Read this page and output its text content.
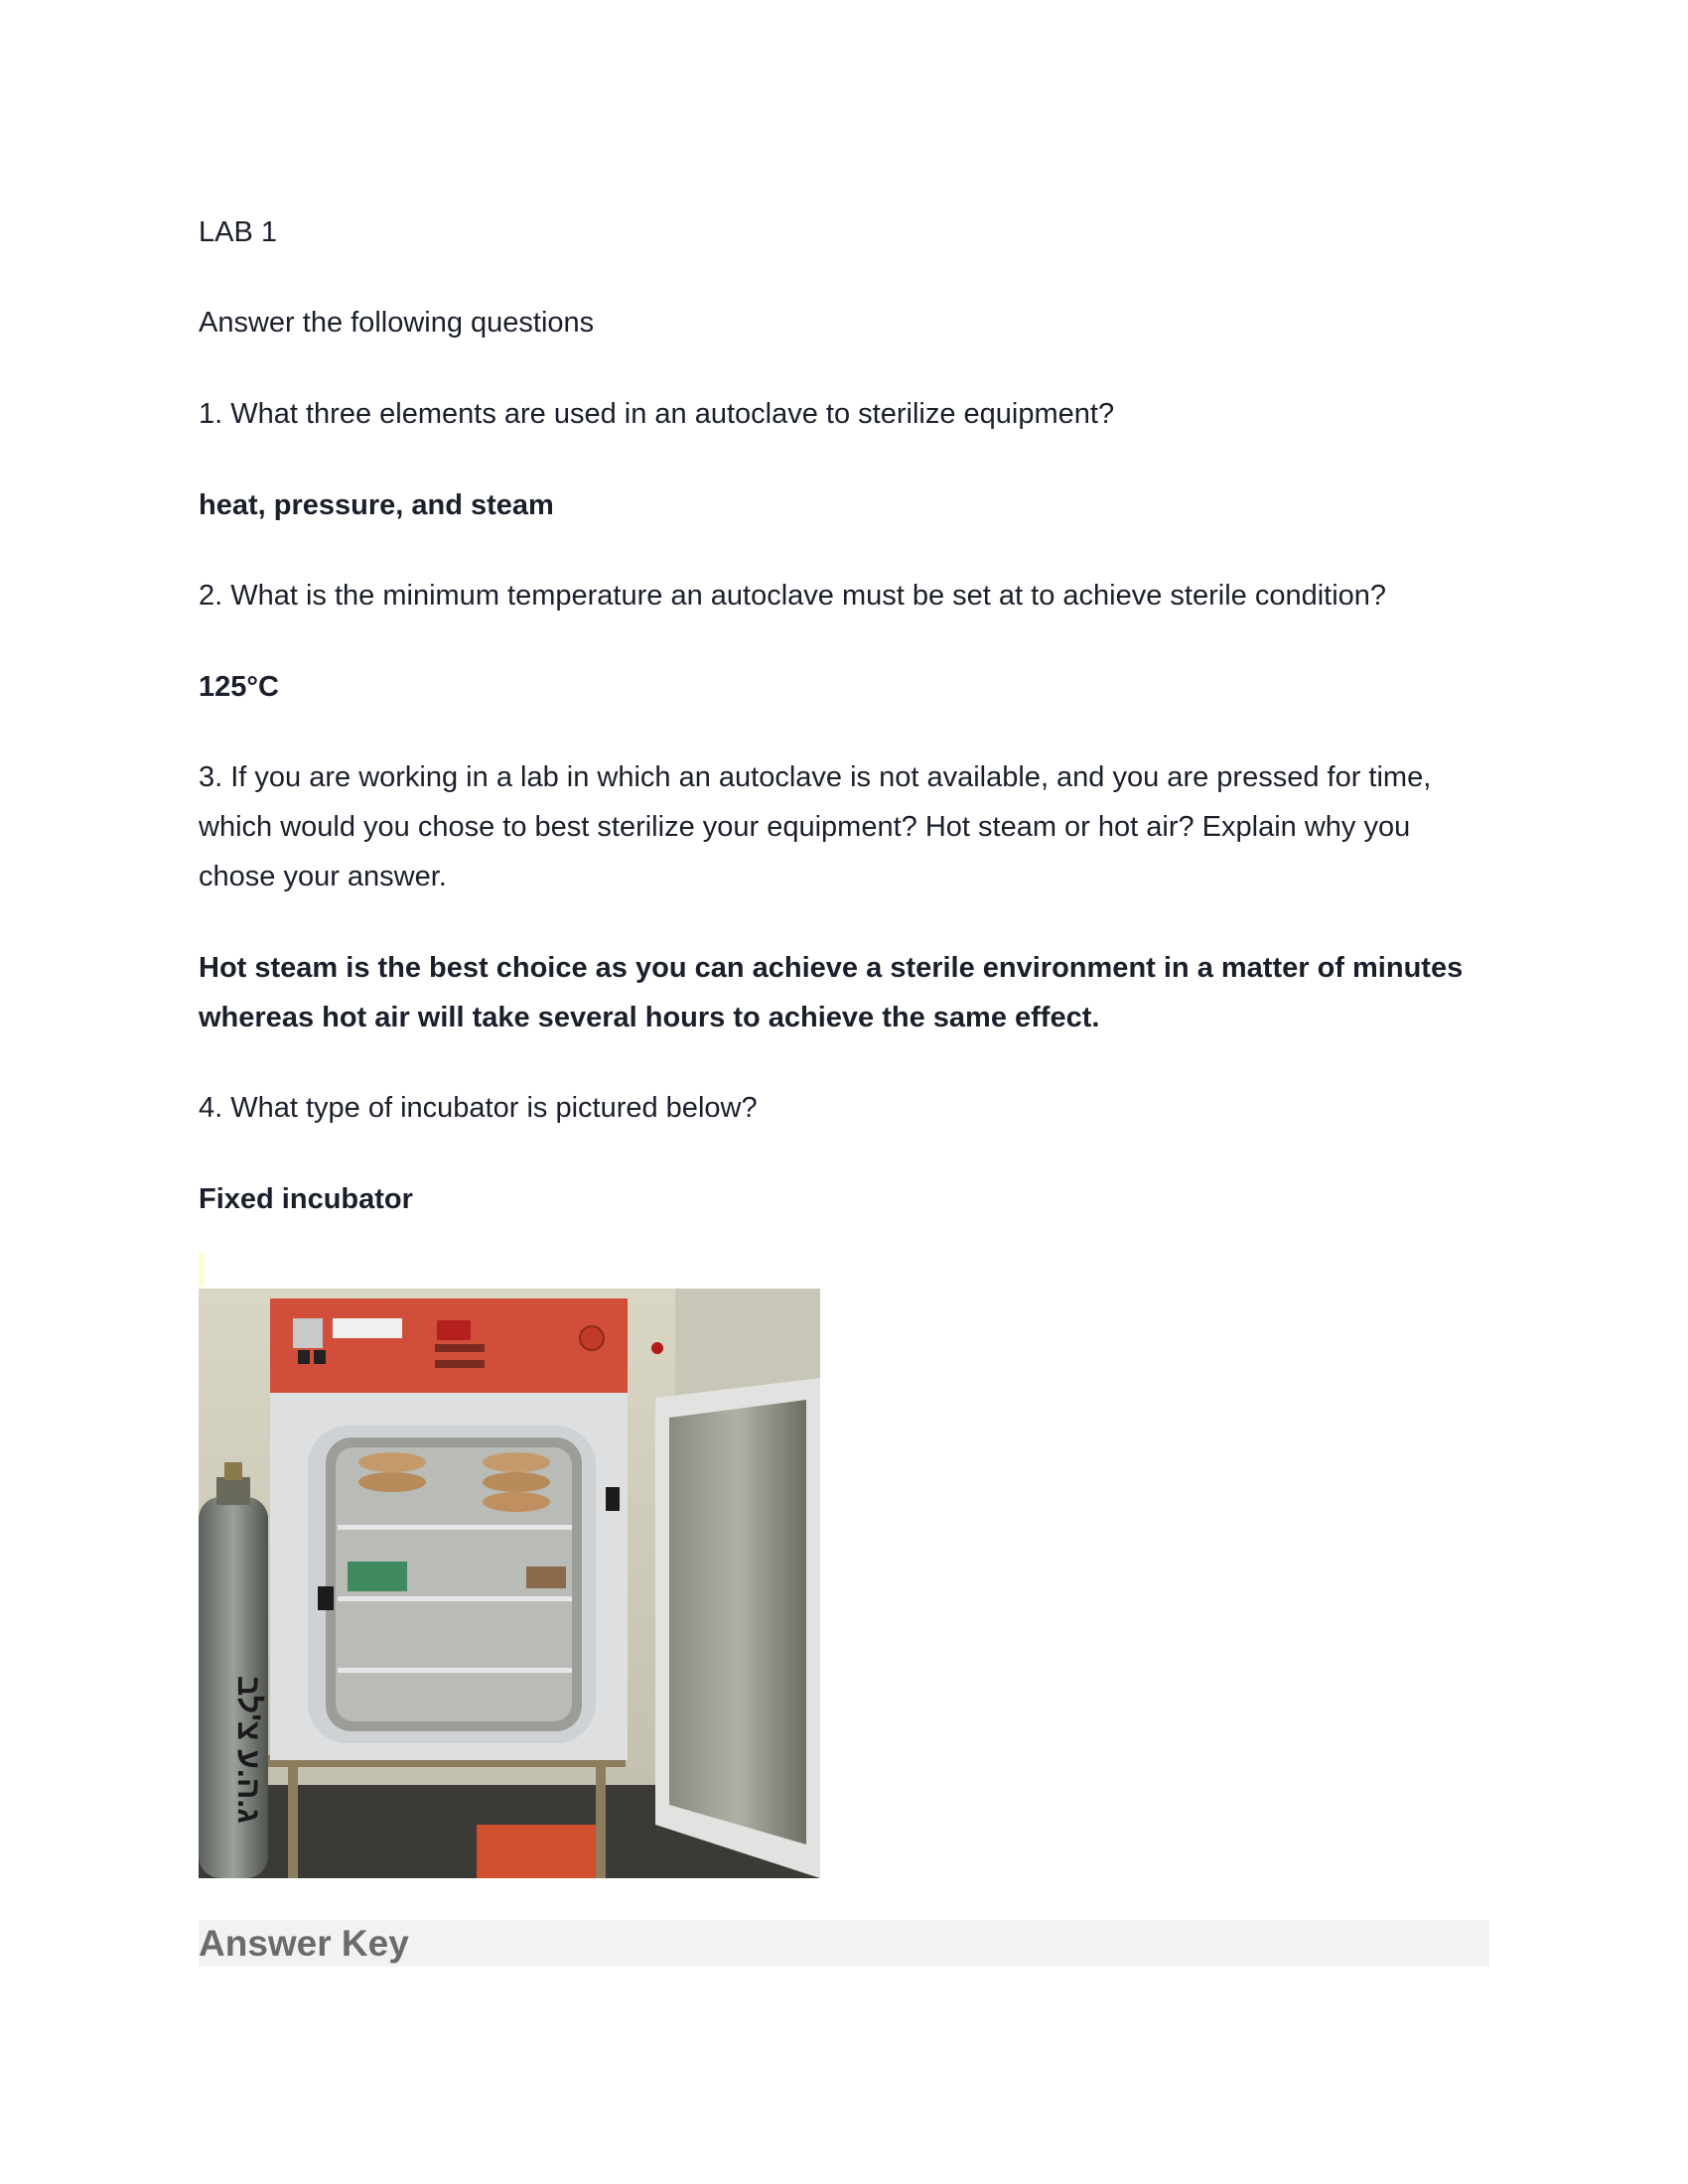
LAB 1

Answer the following questions

1. What three elements are used in an autoclave to sterilize equipment?

heat, pressure, and steam

2. What is the minimum temperature an autoclave must be set at to achieve sterile condition?

125°C

3. If you are working in a lab in which an autoclave is not available, and you are pressed for time, which would you chose to best sterilize your equipment? Hot steam or hot air? Explain why you chose your answer.

Hot steam is the best choice as you can achieve a sterile environment in a matter of minutes whereas hot air will take several hours to achieve the same effect.

4. What type of incubator is pictured below?

Fixed incubator

ג.ה.ע צ'לב
Answer Key
